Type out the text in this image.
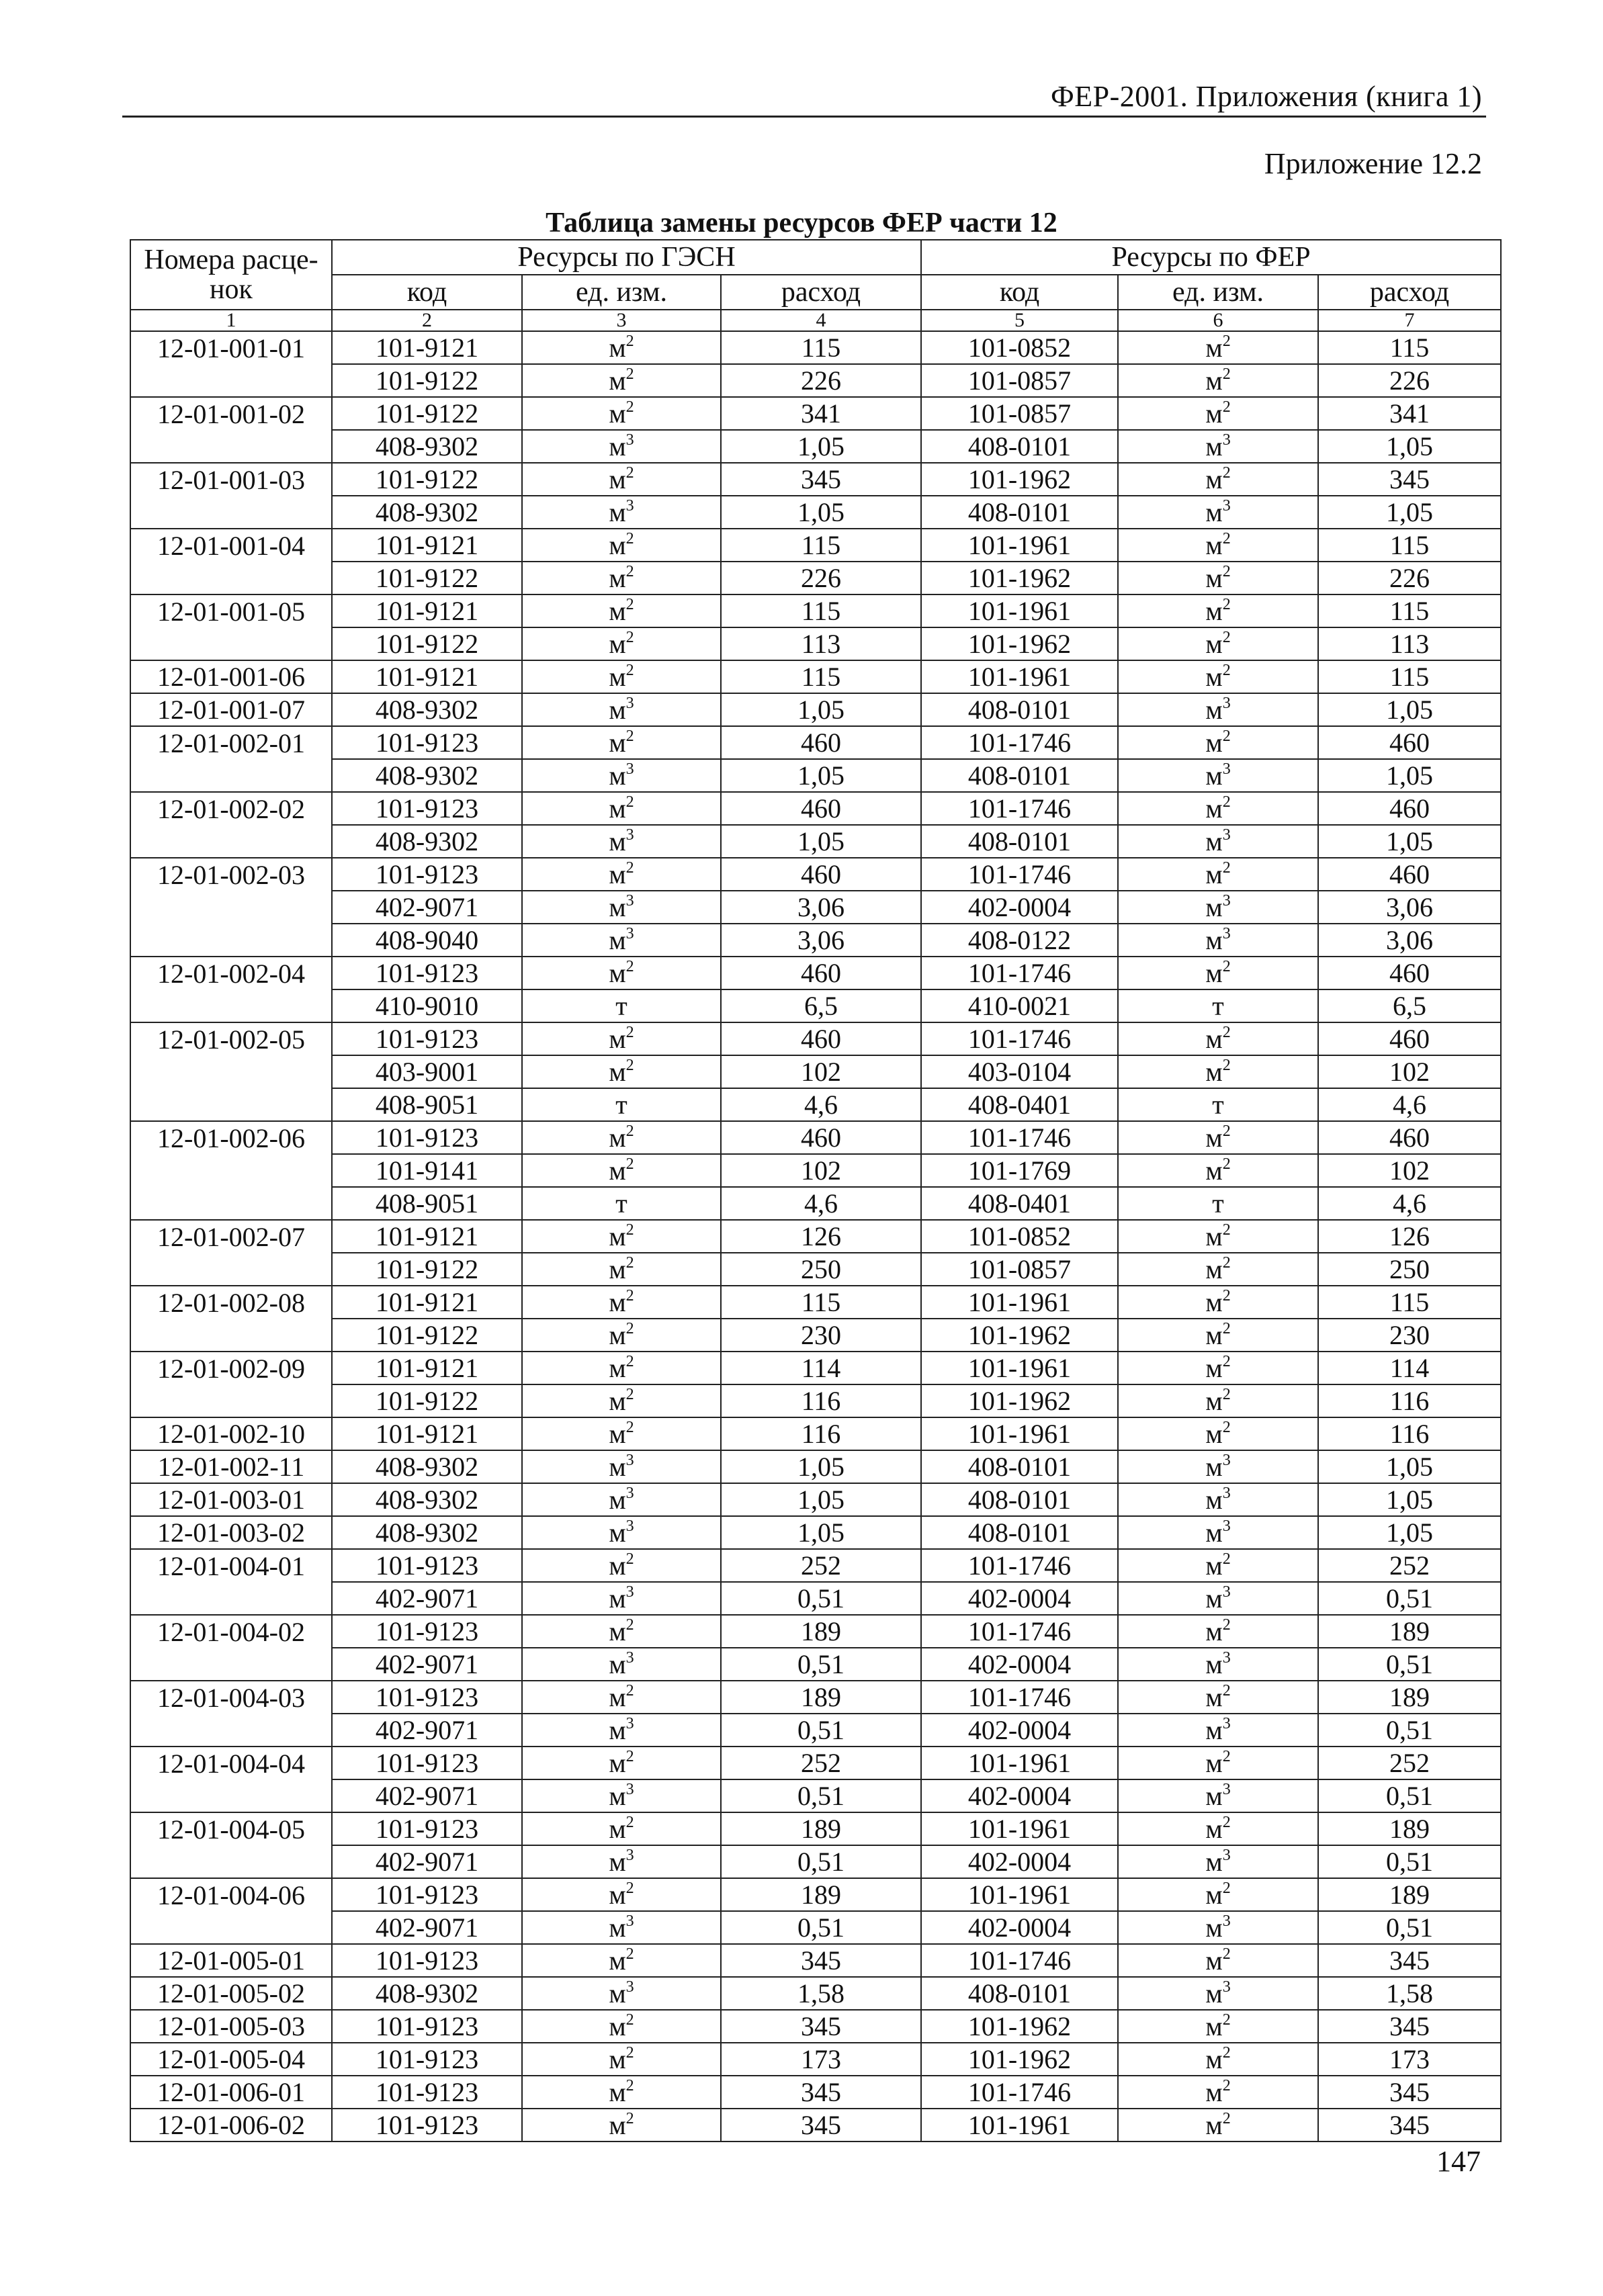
ФЕР-2001. Приложения (книга 1)
Приложение 12.2
Таблица замены ресурсов ФЕР части 12
Номера расце-
нок	Ресурсы по ГЭСН			Ресурсы по ФЕР		
	код	ед. изм.	расход	код	ед. изм.	расход
1	2	3	4	5	6	7
12-01-001-01	101-9121	$м^2$	115	101-0852	$м^2$	115
	101-9122	$м^2$	226	101-0857	$м^2$	226
12-01-001-02	101-9122	$м^2$	341	101-0857	$м^2$	341
	408-9302	$м^3$	1,05	408-0101	$м^3$	1,05
12-01-001-03	101-9122	$м^2$	345	101-1962	$м^2$	345
	408-9302	$м^3$	1,05	408-0101	$м^3$	1,05
12-01-001-04	101-9121	$м^2$	115	101-1961	$м^2$	115
	101-9122	$м^2$	226	101-1962	$м^2$	226
12-01-001-05	101-9121	$м^2$	115	101-1961	$м^2$	115
	101-9122	$м^2$	113	101-1962	$м^2$	113
12-01-001-06	101-9121	$м^2$	115	101-1961	$м^2$	115
12-01-001-07	408-9302	$м^3$	1,05	408-0101	$м^3$	1,05
12-01-002-01	101-9123	$м^2$	460	101-1746	$м^2$	460
	408-9302	$м^3$	1,05	408-0101	$м^3$	1,05
12-01-002-02	101-9123	$м^2$	460	101-1746	$м^2$	460
	408-9302	$м^3$	1,05	408-0101	$м^3$	1,05
12-01-002-03	101-9123	$м^2$	460	101-1746	$м^2$	460
	402-9071	$м^3$	3,06	402-0004	$м^3$	3,06
	408-9040	$м^3$	3,06	408-0122	$м^3$	3,06
12-01-002-04	101-9123	$м^2$	460	101-1746	$м^2$	460
	410-9010	т	6,5	410-0021	т	6,5
12-01-002-05	101-9123	$м^2$	460	101-1746	$м^2$	460
	403-9001	$м^2$	102	403-0104	$м^2$	102
	408-9051	т	4,6	408-0401	т	4,6
12-01-002-06	101-9123	$м^2$	460	101-1746	$м^2$	460
	101-9141	$м^2$	102	101-1769	$м^2$	102
	408-9051	т	4,6	408-0401	т	4,6
12-01-002-07	101-9121	$м^2$	126	101-0852	$м^2$	126
	101-9122	$м^2$	250	101-0857	$м^2$	250
12-01-002-08	101-9121	$м^2$	115	101-1961	$м^2$	115
	101-9122	$м^2$	230	101-1962	$м^2$	230
12-01-002-09	101-9121	$м^2$	114	101-1961	$м^2$	114
	101-9122	$м^2$	116	101-1962	$м^2$	116
12-01-002-10	101-9121	$м^2$	116	101-1961	$м^2$	116
12-01-002-11	408-9302	$м^3$	1,05	408-0101	$м^3$	1,05
12-01-003-01	408-9302	$м^3$	1,05	408-0101	$м^3$	1,05
12-01-003-02	408-9302	$м^3$	1,05	408-0101	$м^3$	1,05
12-01-004-01	101-9123	$м^2$	252	101-1746	$м^2$	252
	402-9071	$м^3$	0,51	402-0004	$м^3$	0,51
12-01-004-02	101-9123	$м^2$	189	101-1746	$м^2$	189
	402-9071	$м^3$	0,51	402-0004	$м^3$	0,51
12-01-004-03	101-9123	$м^2$	189	101-1746	$м^2$	189
	402-9071	$м^3$	0,51	402-0004	$м^3$	0,51
12-01-004-04	101-9123	$м^2$	252	101-1961	$м^2$	252
	402-9071	$м^3$	0,51	402-0004	$м^3$	0,51
12-01-004-05	101-9123	$м^2$	189	101-1961	$м^2$	189
	402-9071	$м^3$	0,51	402-0004	$м^3$	0,51
12-01-004-06	101-9123	$м^2$	189	101-1961	$м^2$	189
	402-9071	$м^3$	0,51	402-0004	$м^3$	0,51
12-01-005-01	101-9123	$м^2$	345	101-1746	$м^2$	345
12-01-005-02	408-9302	$м^3$	1,58	408-0101	$м^3$	1,58
12-01-005-03	101-9123	$м^2$	345	101-1962	$м^2$	345
12-01-005-04	101-9123	$м^2$	173	101-1962	$м^2$	173
12-01-006-01	101-9123	$м^2$	345	101-1746	$м^2$	345
12-01-006-02	101-9123	$м^2$	345	101-1961	$м^2$	345
147
